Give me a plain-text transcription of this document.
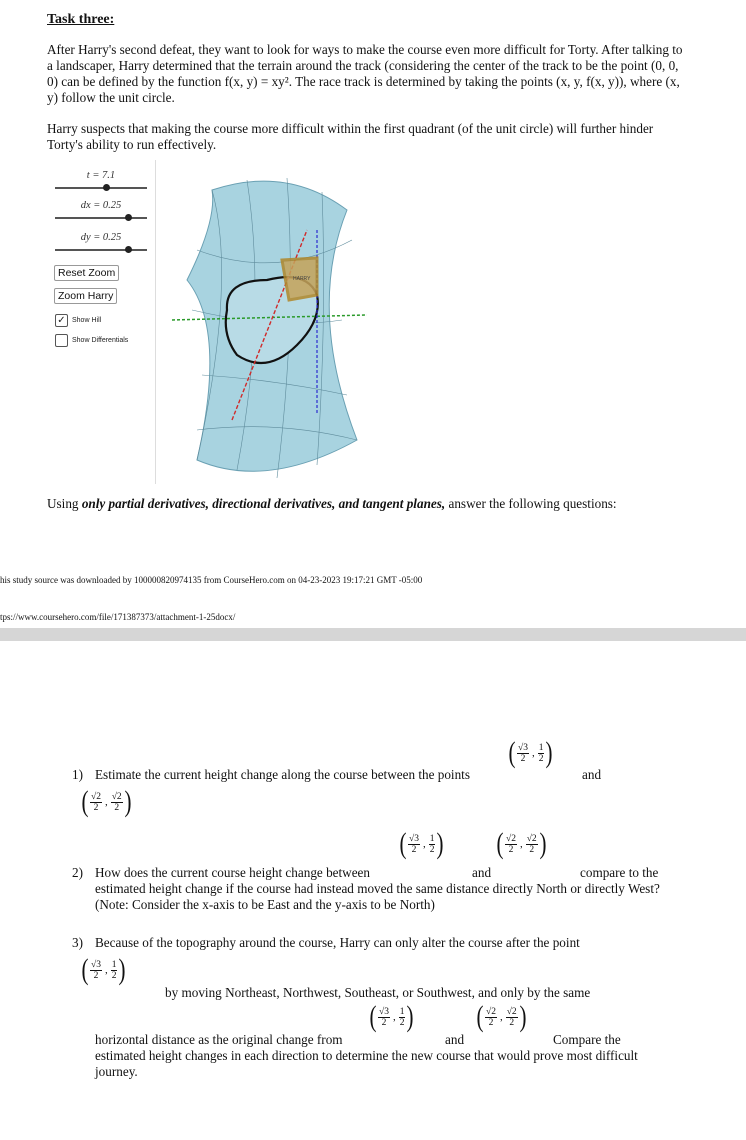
Task three:
After Harry's second defeat, they want to look for ways to make the course even more difficult for Torty. After talking to a landscaper, Harry determined that the terrain around the track (considering the center of the track to be the point (0, 0, 0) can be defined by the function f(x, y) = xy². The race track is determined by taking the points (x, y, f(x, y)), where (x, y) follow the unit circle.
Harry suspects that making the course more difficult within the first quadrant (of the unit circle) will further hinder Torty's ability to run effectively.
t = 7.1
dx = 0.25
dy = 0.25
Reset Zoom
Zoom Harry
✓ Show Hill
Show Differentials
HARRY
Using only partial derivatives, directional derivatives, and tangent planes, answer the following questions:
his study source was downloaded by 100000820974135 from CourseHero.com on 04-23-2023 19:17:21 GMT -05:00
tps://www.coursehero.com/file/171387373/attachment-1-25docx/
1) Estimate the current height change along the course between the points
( $\frac{√3}{2}$ , $\frac{1}{2}$ )
and
( $\frac{√2}{2}$ , $\frac{√2}{2}$ )
( $\frac{√3}{2}$ , $\frac{1}{2}$ ) ( $\frac{√2}{2}$ , $\frac{√2}{2}$ )
2) How does the current course height change between	and	compare to the estimated height change if the course had instead moved the same distance directly North or directly West? (Note: Consider the x-axis to be East and the y-axis to be North)
3) Because of the topography around the course, Harry can only alter the course after the point
( $\frac{√3}{2}$ , $\frac{1}{2}$ )
by moving Northeast, Northwest, Southeast, or Southwest, and only by the same
( $\frac{√3}{2}$ , $\frac{1}{2}$ ) ( $\frac{√2}{2}$ , $\frac{√2}{2}$ )
horizontal distance as the original change from	and	Compare the estimated height changes in each direction to determine the new course that would prove most difficult journey.
